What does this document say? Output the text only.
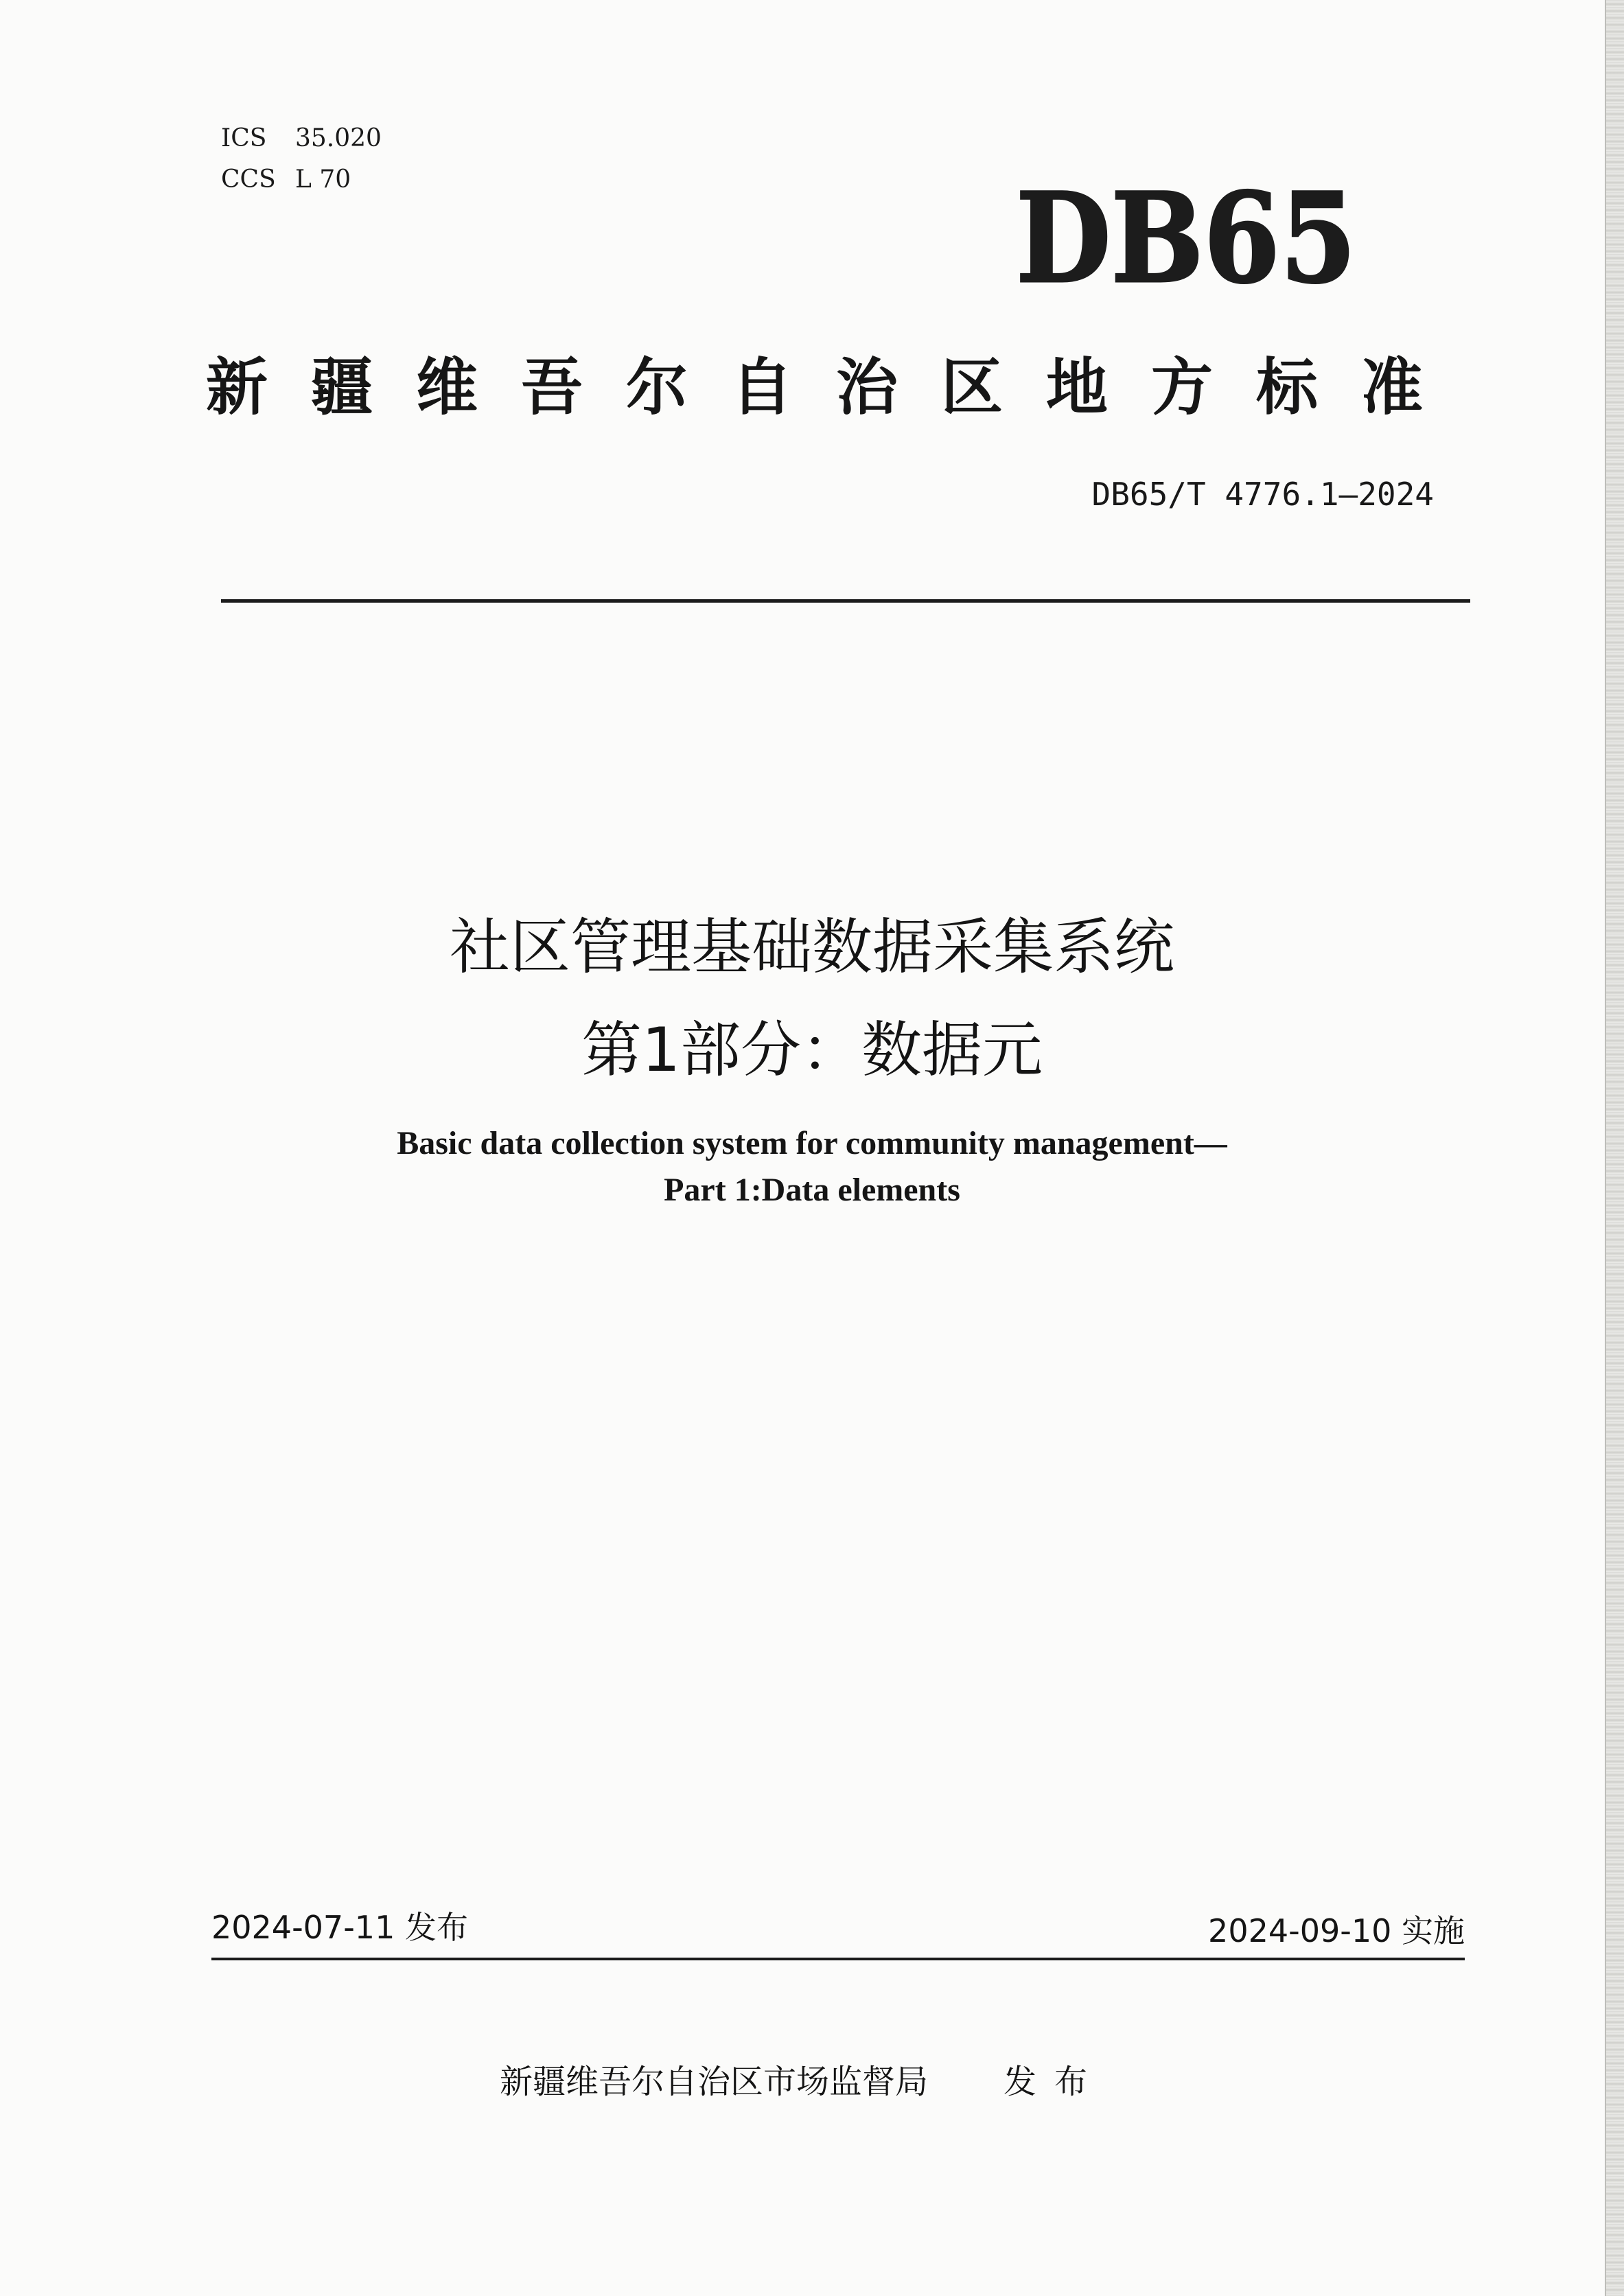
ICS 35.020
CCS L 70	DB65
新疆维吾尔自治区地方标准
DB65/T 4776.1—2024
社区管理基础数据采集系统
第1部分：数据元
Basic data collection system for community management—
Part 1:Data elements
2024-07-11 发布	2024-09-10 实施
新疆维吾尔自治区市场监督局 发布
